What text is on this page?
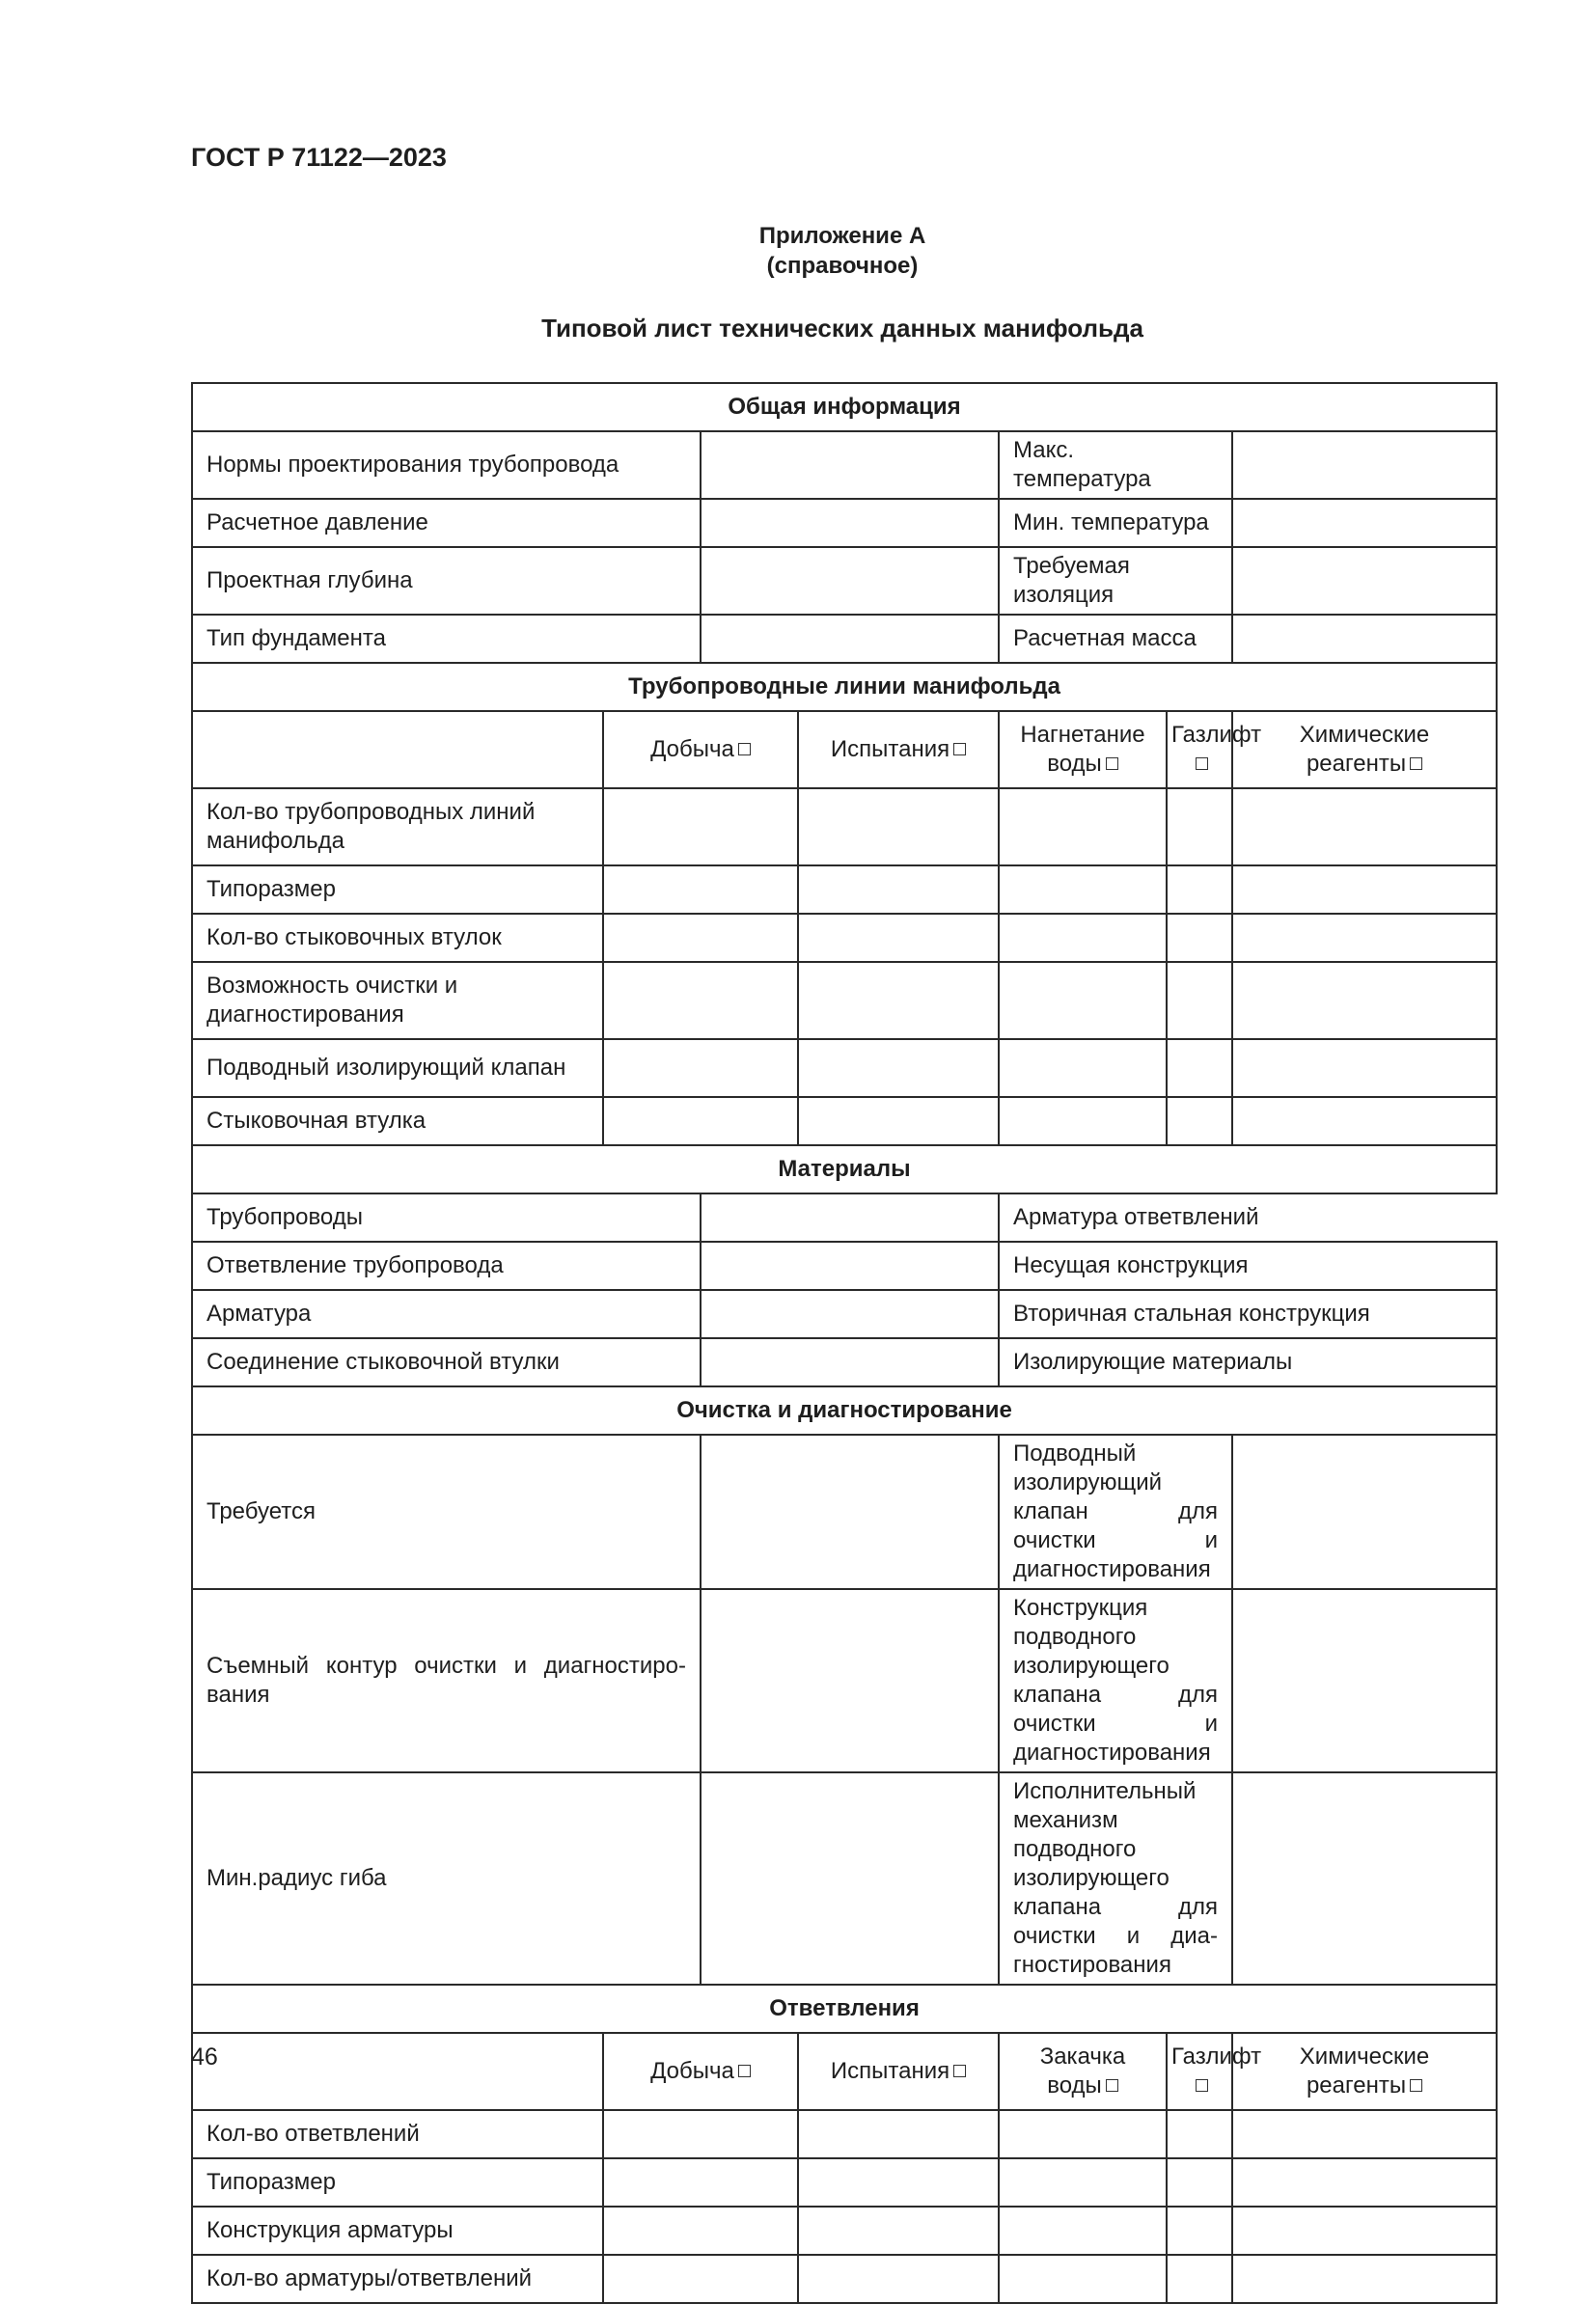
ГОСТ Р 71122—2023
Приложение А
(справочное)
Типовой лист технических данных манифольда
Общая информация						
Нормы проектирования трубопровода				Макс. температура		
Расчетное давление				Мин. температура		
Проектная глубина				Требуемая изоляция		
Тип фундамента				Расчетная масса		
Трубопроводные линии манифольда						
	Добыча		Испытания	Нагнетание воды	Газлифт	Химические реагенты
Кол-во трубопроводных линий манифольда						
Типоразмер						
Кол-во стыковочных втулок						
Возможность очистки и диагностирования						
Подводный изолирующий клапан						
Стыковочная втулка						
Материалы						
Трубопроводы				Арматура ответвлений		
Ответвление трубопровода				Несущая конструкция		
Арматура				Вторичная стальная конструкция		
Соединение стыковочной втулки				Изолирующие материалы		
Очистка и диагностирование						
Требуется				Подводный изолирующий клапан для очистки и диагностирования		
Съемный контур очистки и диагностиро-вания				Конструкция подводного изолирующего клапана для очистки и диагностирования		
Мин.радиус гиба				Исполнительный механизм подводного изолирующего клапана для очистки и диа-гностирования		
Ответвления						
	Добыча		Испытания	Закачка воды	Газлифт	Химические реагенты
Кол-во ответвлений						
Типоразмер						
Конструкция арматуры						
Кол-во арматуры/ответвлений						
46
